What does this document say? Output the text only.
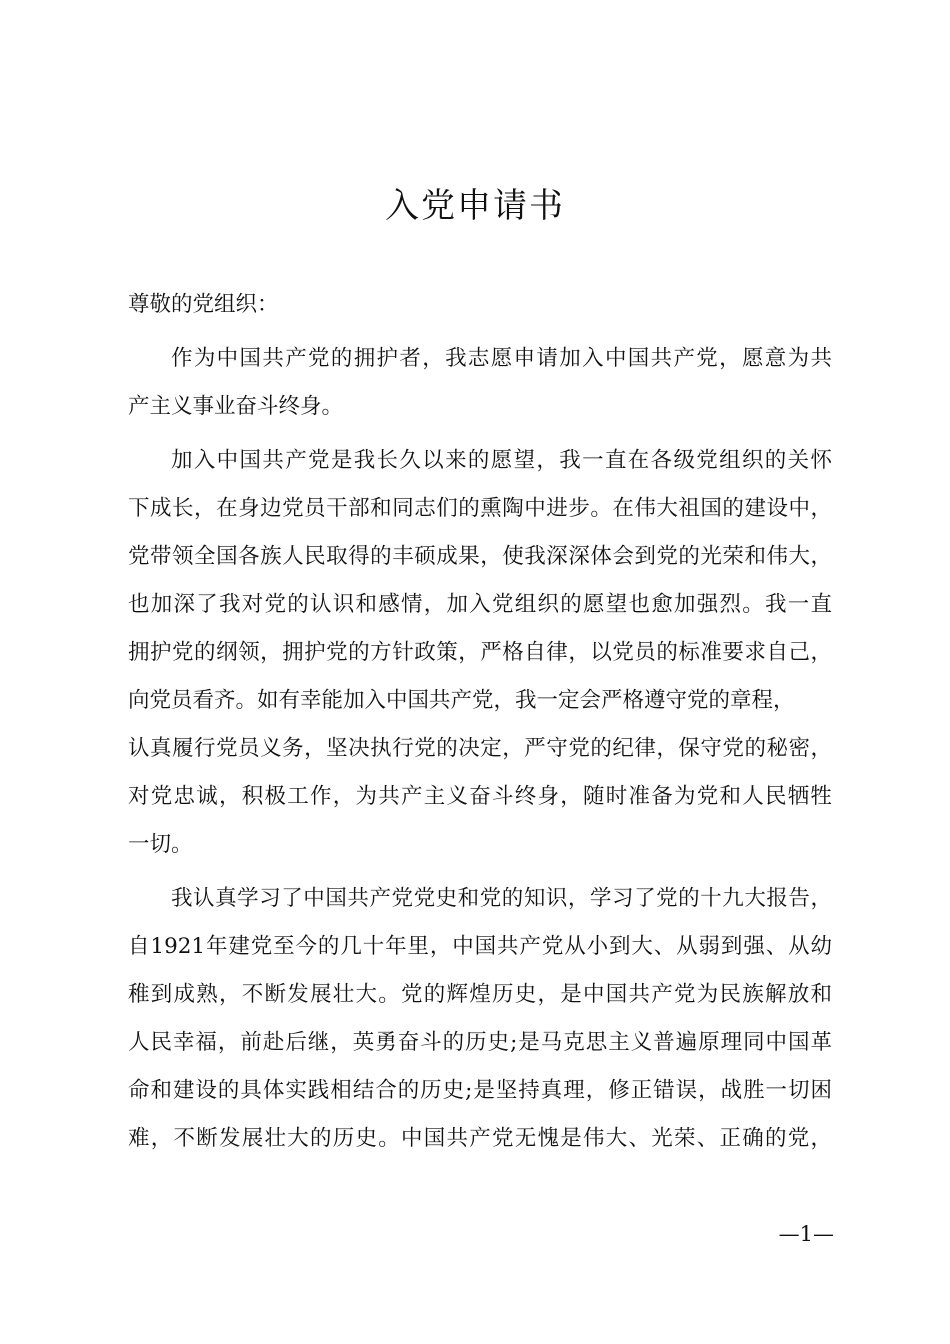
入党申请书
尊敬的党组织：
作为中国共产党的拥护者，我志愿申请加入中国共产党，愿意为共
产主义事业奋斗终身。
加入中国共产党是我长久以来的愿望，我一直在各级党组织的关怀
下成长，在身边党员干部和同志们的熏陶中进步。在伟大祖国的建设中，
党带领全国各族人民取得的丰硕成果，使我深深体会到党的光荣和伟大，
也加深了我对党的认识和感情，加入党组织的愿望也愈加强烈。我一直
拥护党的纲领，拥护党的方针政策，严格自律，以党员的标准要求自己，
向党员看齐。如有幸能加入中国共产党，我一定会严格遵守党的章程，
认真履行党员义务，坚决执行党的决定，严守党的纪律，保守党的秘密，
对党忠诚，积极工作，为共产主义奋斗终身，随时准备为党和人民牺牲
一切。
我认真学习了中国共产党党史和党的知识，学习了党的十九大报告，
自1921年建党至今的几十年里，中国共产党从小到大、从弱到强、从幼
稚到成熟，不断发展壮大。党的辉煌历史，是中国共产党为民族解放和
人民幸福，前赴后继，英勇奋斗的历史;是马克思主义普遍原理同中国革
命和建设的具体实践相结合的历史;是坚持真理，修正错误，战胜一切困
难，不断发展壮大的历史。中国共产党无愧是伟大、光荣、正确的党，
—1—
